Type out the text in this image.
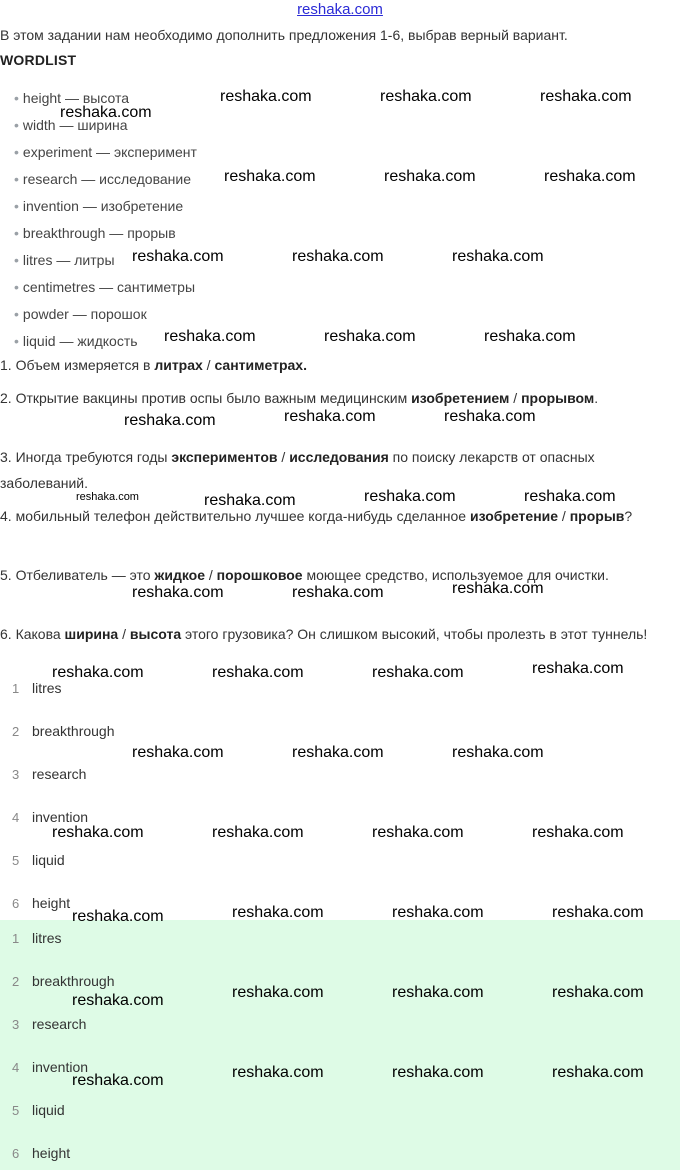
reshaka.com
В этом задании нам необходимо дополнить предложения 1-6, выбрав верный вариант.
WORDLIST
• height — высота
• width — ширина
• experiment — эксперимент
• research — исследование
• invention — изобретение
• breakthrough — прорыв
• litres — литры
• centimetres — сантиметры
• powder — порошок
• liquid — жидкость
1. Объем измеряется в литрах / сантиметрах.
2. Открытие вакцины против оспы было важным медицинским изобретением / прорывом.
3. Иногда требуются годы экспериментов / исследования по поиску лекарств от опасных заболеваний.
4. мобильный телефон действительно лучшее когда-нибудь сделанное изобретение / прорыв?
5. Отбеливатель — это жидкое / порошковое моющее средство, используемое для очистки.
6. Какова ширина / высота этого грузовика? Он слишком высокий, чтобы пролезть в этот туннель!
1 litres
2 breakthrough
3 research
4 invention
5 liquid
6 height
1 litres
2 breakthrough
3 research
4 invention
5 liquid
6 height
reshaka.com	reshaka.com	reshaka.com
reshaka.com
reshaka.com	reshaka.com	reshaka.com
reshaka.com	reshaka.com	reshaka.com
reshaka.com	reshaka.com	reshaka.com
reshaka.com	reshaka.com	reshaka.com
reshaka.com	reshaka.com	reshaka.com
reshaka.com	reshaka.com	reshaka.com
reshaka.com	reshaka.com	reshaka.com	reshaka.com
reshaka.com	reshaka.com	reshaka.com
reshaka.com	reshaka.com	reshaka.com	reshaka.com
reshaka.com	reshaka.com	reshaka.com	reshaka.com
reshaka.com	reshaka.com	reshaka.com	reshaka.com
reshaka.com	reshaka.com	reshaka.com	reshaka.com
reshaka.com
